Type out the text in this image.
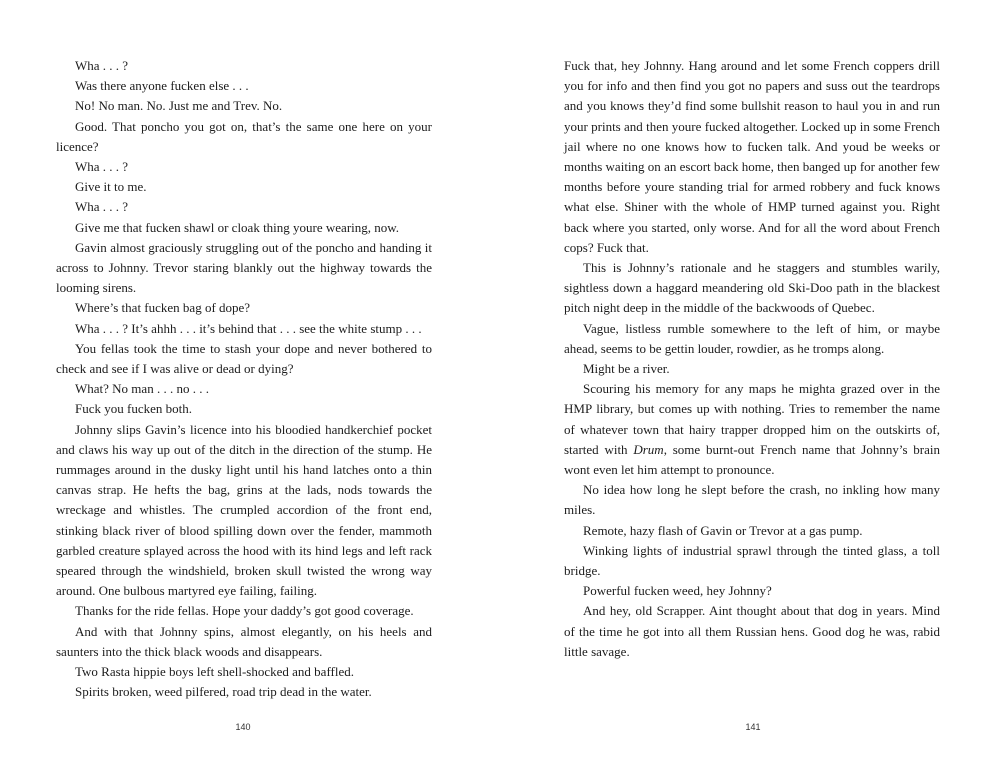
Wha . . . ?

Was there anyone fucken else . . .

No! No man. No. Just me and Trev. No.

Good. That poncho you got on, that’s the same one here on your licence?

Wha . . . ?

Give it to me.

Wha . . . ?

Give me that fucken shawl or cloak thing youre wearing, now.

Gavin almost graciously struggling out of the poncho and handing it across to Johnny. Trevor staring blankly out the highway towards the looming sirens.

Where’s that fucken bag of dope?

Wha . . . ? It’s ahhh . . . it’s behind that . . . see the white stump . . .

You fellas took the time to stash your dope and never bothered to check and see if I was alive or dead or dying?

What? No man . . . no . . .

Fuck you fucken both.

Johnny slips Gavin’s licence into his bloodied handkerchief pocket and claws his way up out of the ditch in the direction of the stump. He rummages around in the dusky light until his hand latches onto a thin canvas strap. He hefts the bag, grins at the lads, nods towards the wreckage and whistles. The crumpled accordion of the front end, stinking black river of blood spilling down over the fender, mammoth garbled creature splayed across the hood with its hind legs and left rack speared through the windshield, broken skull twisted the wrong way around. One bulbous martyred eye failing, failing.

Thanks for the ride fellas. Hope your daddy’s got good coverage.

And with that Johnny spins, almost elegantly, on his heels and saunters into the thick black woods and disappears.

Two Rasta hippie boys left shell-shocked and baffled.

Spirits broken, weed pilfered, road trip dead in the water.

Fuck that, hey Johnny. Hang around and let some French coppers drill you for info and then find you got no papers and suss out the teardrops and you knows they’d find some bullshit reason to haul you in and run your prints and then youre fucked altogether. Locked up in some French jail where no one knows how to fucken talk. And youd be weeks or months waiting on an escort back home, then banged up for another few months before youre standing trial for armed robbery and fuck knows what else. Shiner with the whole of HMP turned against you. Right back where you started, only worse. And for all the word about French cops? Fuck that.

This is Johnny’s rationale and he staggers and stumbles warily, sightless down a haggard meandering old Ski-Doo path in the blackest pitch night deep in the middle of the backwoods of Quebec.

Vague, listless rumble somewhere to the left of him, or maybe ahead, seems to be gettin louder, rowdier, as he tromps along.

Might be a river.

Scouring his memory for any maps he mighta grazed over in the HMP library, but comes up with nothing. Tries to remember the name of whatever town that hairy trapper dropped him on the outskirts of, started with Drum, some burnt-out French name that Johnny’s brain wont even let him attempt to pronounce.

No idea how long he slept before the crash, no inkling how many miles.

Remote, hazy flash of Gavin or Trevor at a gas pump.

Winking lights of industrial sprawl through the tinted glass, a toll bridge.

Powerful fucken weed, hey Johnny?

And hey, old Scrapper. Aint thought about that dog in years. Mind of the time he got into all them Russian hens. Good dog he was, rabid little savage.

140	141
